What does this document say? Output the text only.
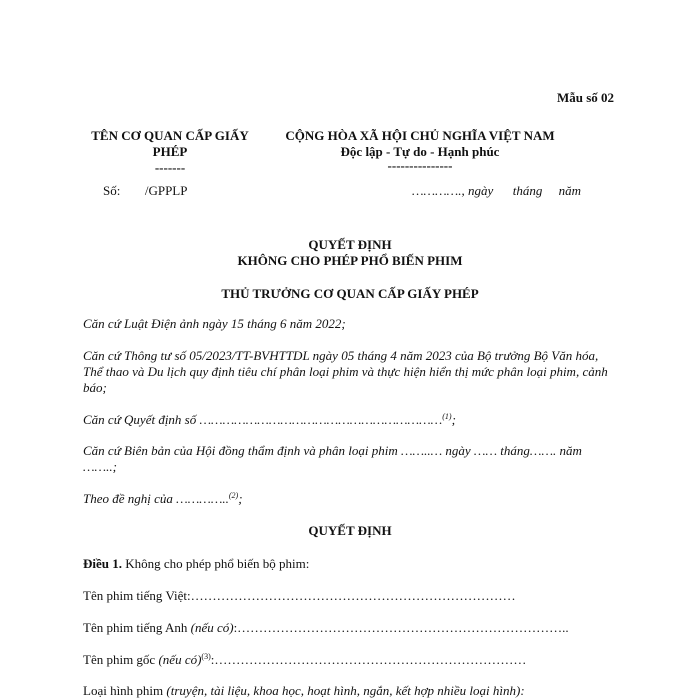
Mẫu số 02
TÊN CƠ QUAN CẤP GIẤY
PHÉP
-------
Số: /GPPLP
CỘNG HÒA XÃ HỘI CHỦ NGHĨA VIỆT NAM
Độc lập - Tự do - Hạnh phúc
---------------
…………., ngày      tháng     năm
QUYẾT ĐỊNH
KHÔNG CHO PHÉP PHỔ BIẾN PHIM
THỦ TRƯỞNG CƠ QUAN CẤP GIẤY PHÉP
Căn cứ Luật Điện ảnh ngày 15 tháng 6 năm 2022;
Căn cứ Thông tư số 05/2023/TT-BVHTTDL ngày 05 tháng 4 năm 2023 của Bộ trưởng Bộ Văn hóa, Thể thao và Du lịch quy định tiêu chí phân loại phim và thực hiện hiển thị mức phân loại phim, cảnh báo;
Căn cứ Quyết định số ………………………………………………………$^{(1)}$;
Căn cứ Biên bản của Hội đồng thẩm định và phân loại phim ……..… ngày …… tháng……. năm ……..;
Theo đề nghị của …………..$^{(2)}$;
QUYẾT ĐỊNH
Điều 1. Không cho phép phổ biến bộ phim:
Tên phim tiếng Việt:…………………………………………………………………
Tên phim tiếng Anh (nếu có):…………………………………………………………………..
Tên phim gốc (nếu có)$^{(3)}$:………………………………………………………………
Loại hình phim (truyện, tài liệu, khoa học, hoạt hình, ngắn, kết hợp nhiều loại hình):
